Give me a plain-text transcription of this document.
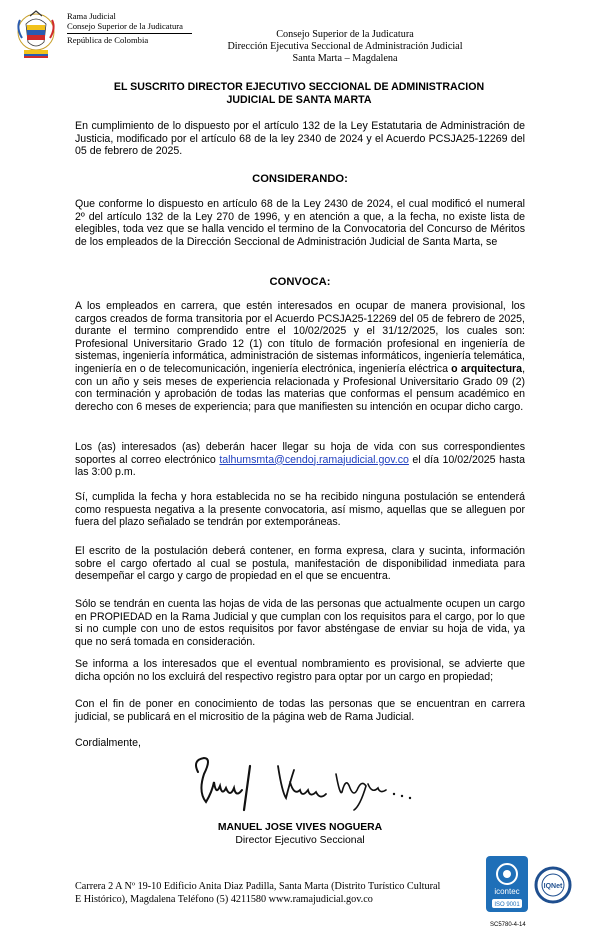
Rama Judicial
Consejo Superior de la Judicatura
República de Colombia	Consejo Superior de la Judicatura
Dirección Ejecutiva Seccional de Administración Judicial
Santa Marta – Magdalena
EL SUSCRITO DIRECTOR EJECUTIVO SECCIONAL DE ADMINISTRACION JUDICIAL DE SANTA MARTA
En cumplimiento de lo dispuesto por el artículo 132 de la Ley Estatutaria de Administración de Justicia, modificado por el artículo 68 de la ley 2340 de 2024 y el Acuerdo PCSJA25-12269 del 05 de febrero de 2025.
CONSIDERANDO:
Que conforme lo dispuesto en artículo 68 de la Ley 2430 de 2024, el cual modificó el numeral 2º del artículo 132 de la Ley 270 de 1996, y en atención a que, a la fecha, no existe lista de elegibles, toda vez que se halla vencido el termino de la Convocatoria del Concurso de Méritos de los empleados de la Dirección Seccional de Administración Judicial de Santa Marta, se
CONVOCA:
A los empleados en carrera, que estén interesados en ocupar de manera provisional, los cargos creados de forma transitoria por el Acuerdo PCSJA25-12269 del 05 de febrero de 2025, durante el termino comprendido entre el 10/02/2025 y el 31/12/2025, los cuales son: Profesional Universitario Grado 12 (1) con título de formación profesional en ingeniería de sistemas, ingeniería informática, administración de sistemas informáticos, ingeniería telemática, ingeniería en o de telecomunicación, ingeniería electrónica, ingeniería eléctrica o arquitectura, con un año y seis meses de experiencia relacionada y Profesional Universitario Grado 09 (2) con terminación y aprobación de todas las materias que conformas el pensum académico en derecho con 6 meses de experiencia; para que manifiesten su intención en ocupar dicho cargo.
Los (as) interesados (as) deberán hacer llegar su hoja de vida con sus correspondientes soportes al correo electrónico talhumsmta@cendoj.ramajudicial.gov.co el día 10/02/2025 hasta las 3:00 p.m.
Sí, cumplida la fecha y hora establecida no se ha recibido ninguna postulación se entenderá como respuesta negativa a la presente convocatoria, así mismo, aquellas que se alleguen por fuera del plazo señalado se tendrán por extemporáneas.
El escrito de la postulación deberá contener, en forma expresa, clara y sucinta, información sobre el cargo ofertado al cual se postula, manifestación de disponibilidad inmediata para desempeñar el cargo y cargo de propiedad en el que se encuentra.
Sólo se tendrán en cuenta las hojas de vida de las personas que actualmente ocupen un cargo en PROPIEDAD en la Rama Judicial y que cumplan con los requisitos para el cargo, por lo que si no cumple con uno de estos requisitos por favor absténgase de enviar su hoja de vida, ya que no será tomada en consideración.
Se informa a los interesados que el eventual nombramiento es provisional, se advierte que dicha opción no los excluirá del respectivo registro para optar por un cargo en propiedad;
Con el fin de poner en conocimiento de todas las personas que se encuentran en carrera judicial, se publicará en el micrositio de la página web de Rama Judicial.
Cordialmente,
MANUEL JOSE VIVES NOGUERA
Director Ejecutivo Seccional
Carrera 2 A Nº 19-10 Edificio Anita Diaz Padilla, Santa Marta (Distrito Turístico Cultural
E Histórico), Magdalena Teléfono (5) 4211580 www.ramajudicial.gov.co
icontec
ISO 9001
IQNet
SC5780-4-14
